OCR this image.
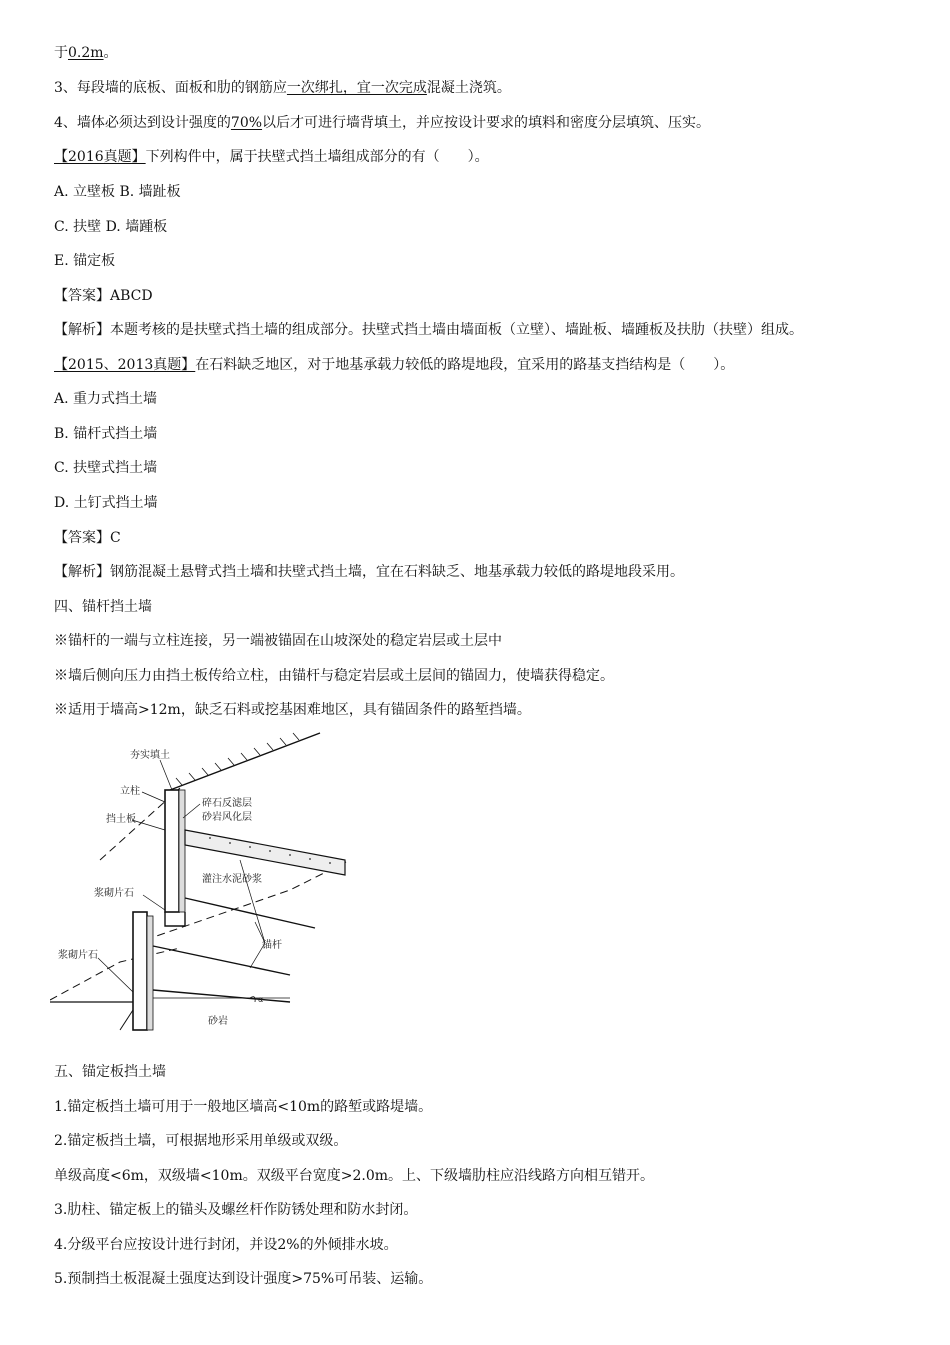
于0.2m。
3、每段墙的底板、面板和肋的钢筋应一次绑扎，宜一次完成混凝土浇筑。
4、墙体必须达到设计强度的70%以后才可进行墙背填土，并应按设计要求的填料和密度分层填筑、压实。
【2016真题】下列构件中，属于扶壁式挡土墙组成部分的有（　　）。
A. 立壁板 B. 墙趾板
C. 扶壁 D. 墙踵板
E. 锚定板
【答案】ABCD
【解析】本题考核的是扶壁式挡土墙的组成部分。扶壁式挡土墙由墙面板（立壁）、墙趾板、墙踵板及扶肋（扶壁）组成。
【2015、2013真题】在石料缺乏地区，对于地基承载力较低的路堤地段，宜采用的路基支挡结构是（　　）。
A. 重力式挡土墙
B. 锚杆式挡土墙
C. 扶壁式挡土墙
D. 土钉式挡土墙
【答案】C
【解析】钢筋混凝土悬臂式挡土墙和扶壁式挡土墙，宜在石料缺乏、地基承载力较低的路堤地段采用。
四、锚杆挡土墙
※锚杆的一端与立柱连接，另一端被锚固在山坡深处的稳定岩层或土层中
※墙后侧向压力由挡土板传给立柱，由锚杆与稳定岩层或土层间的锚固力，使墙获得稳定。
※适用于墙高>12m，缺乏石料或挖基困难地区，具有锚固条件的路堑挡墙。
夯实填土
立柱
碎石反滤层
砂岩风化层
挡土板
灌注水泥砂浆
浆砌片石
锚杆
浆砌片石
砂岩
α
五、锚定板挡土墙
1.锚定板挡土墙可用于一般地区墙高<10m的路堑或路堤墙。
2.锚定板挡土墙，可根据地形采用单级或双级。
单级高度<6m，双级墙<10m。双级平台宽度>2.0m。上、下级墙肋柱应沿线路方向相互错开。
3.肋柱、锚定板上的锚头及螺丝杆作防锈处理和防水封闭。
4.分级平台应按设计进行封闭，并设2%的外倾排水坡。
5.预制挡土板混凝土强度达到设计强度>75%可吊装、运输。
